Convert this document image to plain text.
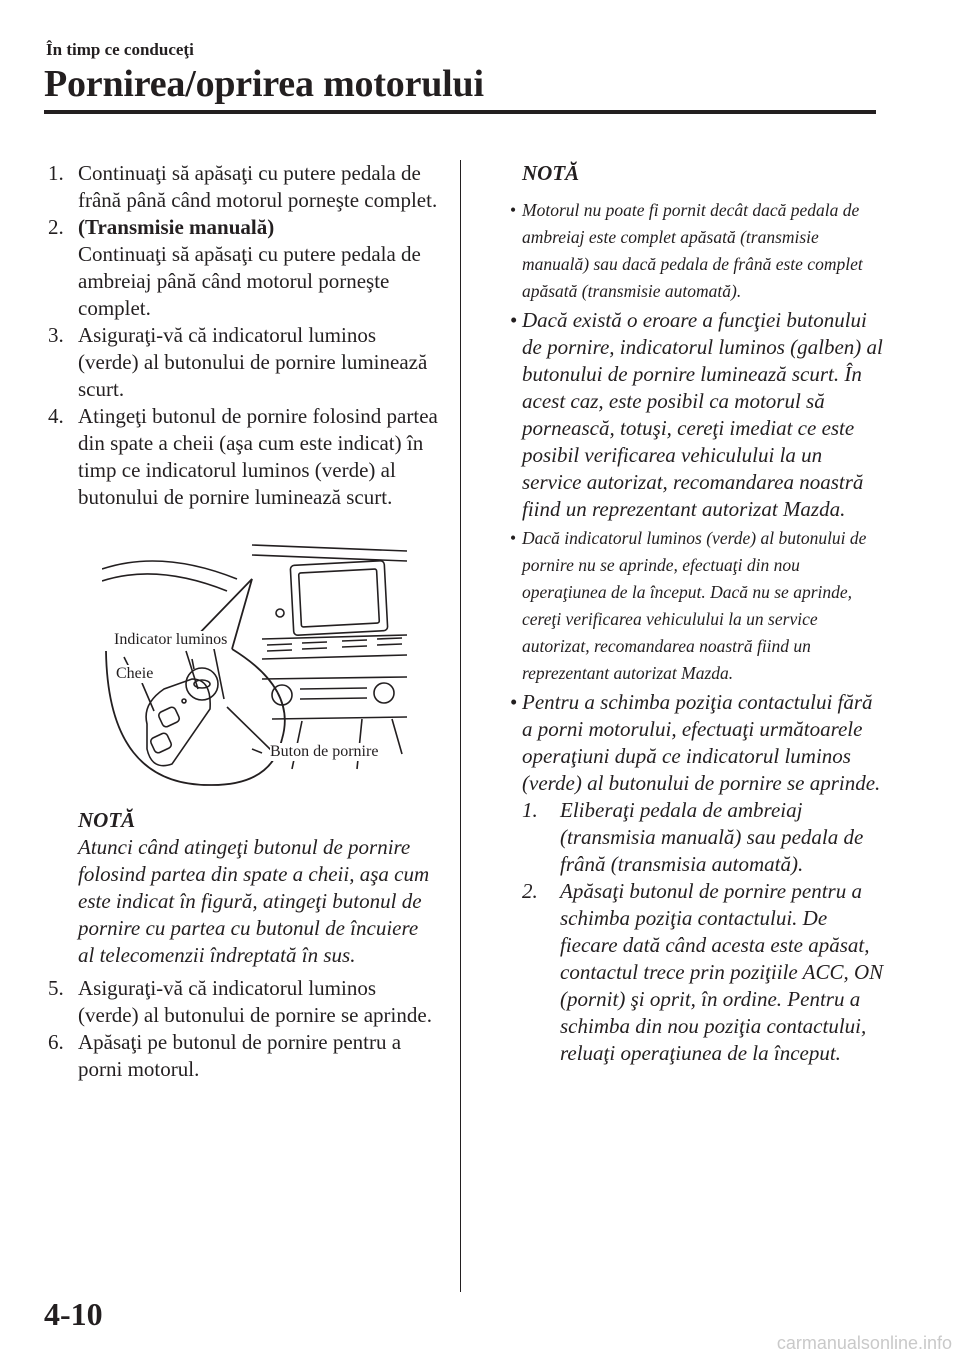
În timp ce conduceţi
Pornirea/oprirea motorului
1. Continuaţi să apăsaţi cu putere pedala de frână până când motorul porneşte complet.
2. (Transmisie manuală)
Continuaţi să apăsaţi cu putere pedala de ambreiaj până când motorul porneşte complet.
3. Asiguraţi-vă că indicatorul luminos (verde) al butonului de pornire luminează scurt.
4. Atingeţi butonul de pornire folosind partea din spate a cheii (aşa cum este indicat) în timp ce indicatorul luminos (verde) al butonului de pornire luminează scurt.
Indicator luminos
Cheie
Buton de pornire
NOTĂ
Atunci când atingeţi butonul de pornire folosind partea din spate a cheii, aşa cum este indicat în figură, atingeţi butonul de pornire cu partea cu butonul de încuiere al telecomenzii îndreptată în sus.
5. Asiguraţi-vă că indicatorul luminos (verde) al butonului de pornire se aprinde.
6. Apăsaţi pe butonul de pornire pentru a porni motorul.
NOTĂ
• Motorul nu poate fi pornit decât dacă pedala de ambreiaj este complet apăsată (transmisie manuală) sau dacă pedala de frână este complet apăsată (transmisie automată).
• Dacă există o eroare a funcţiei butonului de pornire, indicatorul luminos (galben) al butonului de pornire luminează scurt. În acest caz, este posibil ca motorul să pornească, totuşi, cereţi imediat ce este posibil verificarea vehiculului la un service autorizat, recomandarea noastră fiind un reprezentant autorizat Mazda.
• Dacă indicatorul luminos (verde) al butonului de pornire nu se aprinde, efectuaţi din nou operaţiunea de la început. Dacă nu se aprinde, cereţi verificarea vehiculului la un service autorizat, recomandarea noastră fiind un reprezentant autorizat Mazda.
• Pentru a schimba poziţia contactului fără a porni motorului, efectuaţi următoarele operaţiuni după ce indicatorul luminos (verde) al butonului de pornire se aprinde.
1. Eliberaţi pedala de ambreiaj (transmisia manuală) sau pedala de frână (transmisia automată).
2. Apăsaţi butonul de pornire pentru a schimba poziţia contactului. De fiecare dată când acesta este apăsat, contactul trece prin poziţiile ACC, ON (pornit) şi oprit, în ordine. Pentru a schimba din nou poziţia contactului, reluaţi operaţiunea de la început.
4-10
carmanualsonline.info
